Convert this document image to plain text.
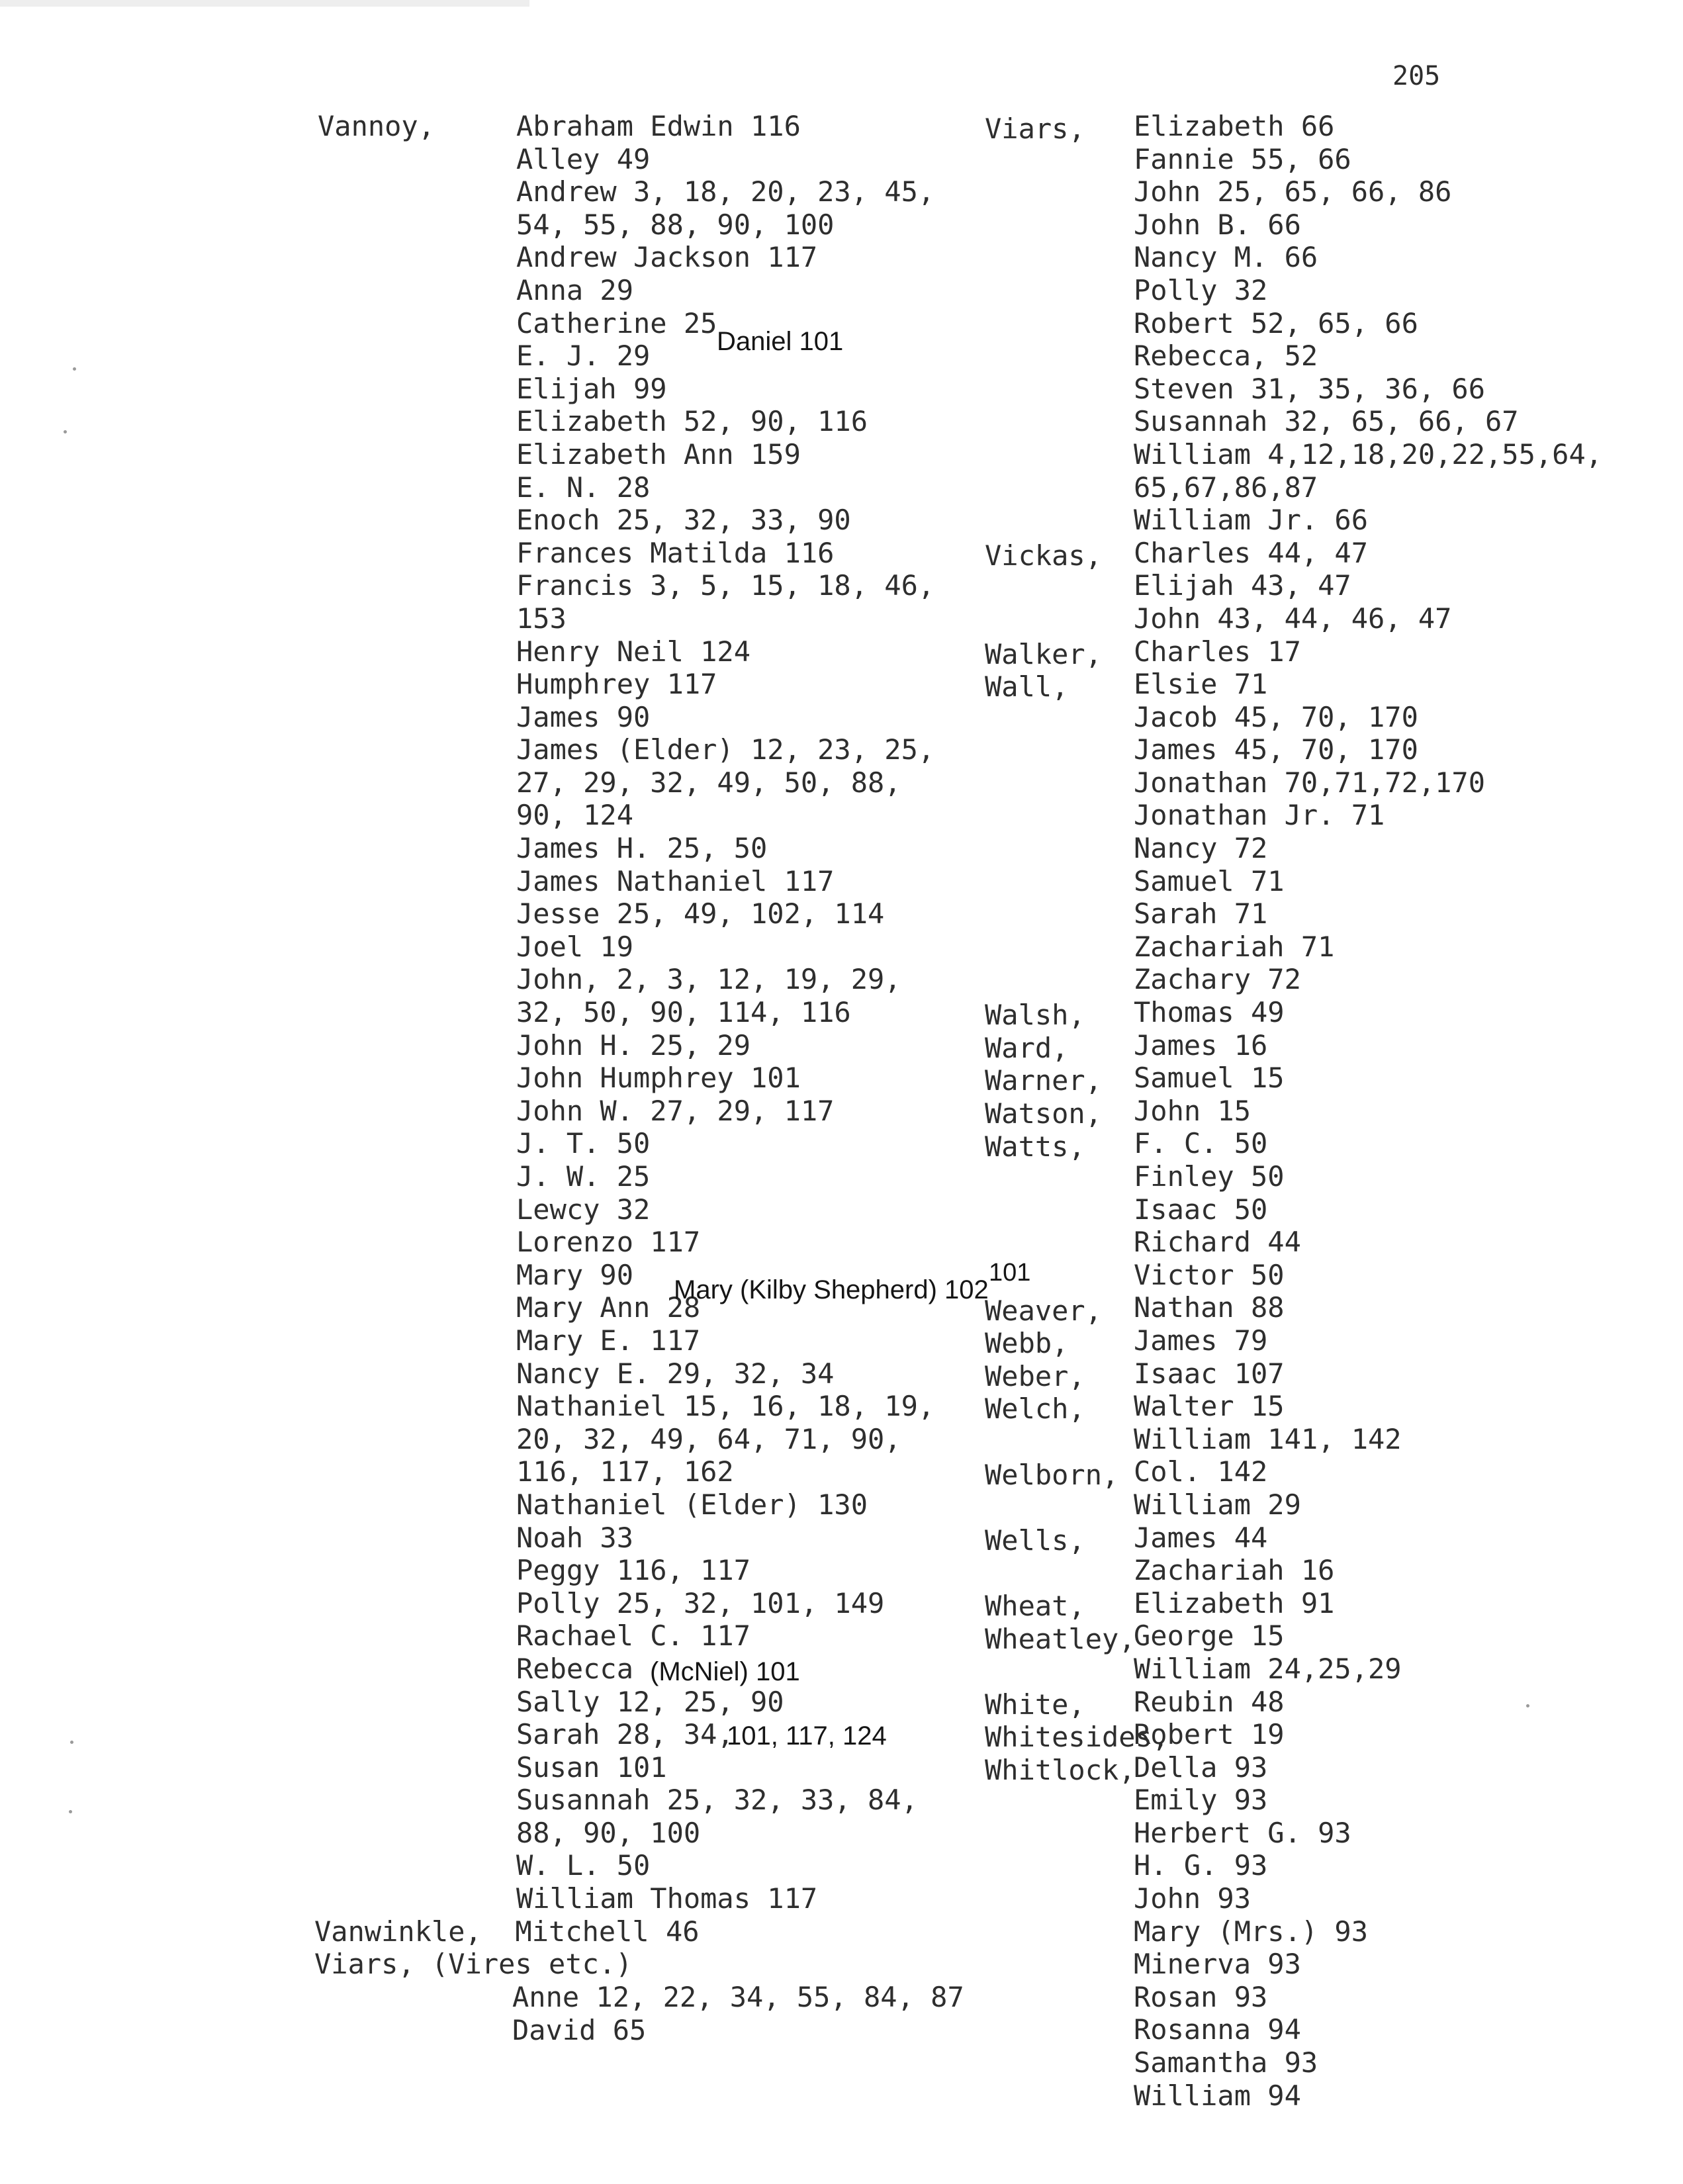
205
Vannoy,	Abraham Edwin 116
Alley 49
Andrew 3, 18, 20, 23, 45,
54, 55, 88, 90, 100
Andrew Jackson 117
Anna 29
Catherine 25
E. J. 29
Elijah 99
Elizabeth 52, 90, 116
Elizabeth Ann 159
E. N. 28
Enoch 25, 32, 33, 90
Frances Matilda 116
Francis 3, 5, 15, 18, 46,
153
Henry Neil 124
Humphrey 117
James 90
James (Elder) 12, 23, 25,
27, 29, 32, 49, 50, 88,
90, 124
James H. 25, 50
James Nathaniel 117
Jesse 25, 49, 102, 114
Joel 19
John, 2, 3, 12, 19, 29,
32, 50, 90, 114, 116
John H. 25, 29
John Humphrey 101
John W. 27, 29, 117
J. T. 50
J. W. 25
Lewcy 32
Lorenzo 117
Mary 90
Mary Ann 28
Mary E. 117
Nancy E. 29, 32, 34
Nathaniel 15, 16, 18, 19,
20, 32, 49, 64, 71, 90,
116, 117, 162
Nathaniel (Elder) 130
Noah 33
Peggy 116, 117
Polly 25, 32, 101, 149
Rachael C. 117
Rebecca
Sally 12, 25, 90
Sarah 28, 34,
Susan 101
Susannah 25, 32, 33, 84,
88, 90, 100
W. L. 50
William Thomas 117
Vanwinkle,  Mitchell 46
Viars, (Vires etc.)
Anne 12, 22, 34, 55, 84, 87
David 65
Daniel 101
Mary (Kilby Shepherd) 102
101
(McNiel) 101
101, 117, 124
Viars,
Vickas,
Walker,
Wall,
Walsh,
Ward,
Warner,
Watson,
Watts,
Weaver,
Webb,
Weber,
Welch,
Welborn,
Wells,
Wheat,
Wheatley,
White,
Whitesides,
Whitlock,
Elizabeth 66
Fannie 55, 66
John 25, 65, 66, 86
John B. 66
Nancy M. 66
Polly 32
Robert 52, 65, 66
Rebecca, 52
Steven 31, 35, 36, 66
Susannah 32, 65, 66, 67
William 4,12,18,20,22,55,64,
65,67,86,87
William Jr. 66
Charles 44, 47
Elijah 43, 47
John 43, 44, 46, 47
Charles 17
Elsie 71
Jacob 45, 70, 170
James 45, 70, 170
Jonathan 70,71,72,170
Jonathan Jr. 71
Nancy 72
Samuel 71
Sarah 71
Zachariah 71
Zachary 72
Thomas 49
James 16
Samuel 15
John 15
F. C. 50
Finley 50
Isaac 50
Richard 44
Victor 50
Nathan 88
James 79
Isaac 107
Walter 15
William 141, 142
Col. 142
William 29
James 44
Zachariah 16
Elizabeth 91
George 15
William 24,25,29
Reubin 48
Robert 19
Della 93
Emily 93
Herbert G. 93
H. G. 93
John 93
Mary (Mrs.) 93
Minerva 93
Rosan 93
Rosanna 94
Samantha 93
William 94
